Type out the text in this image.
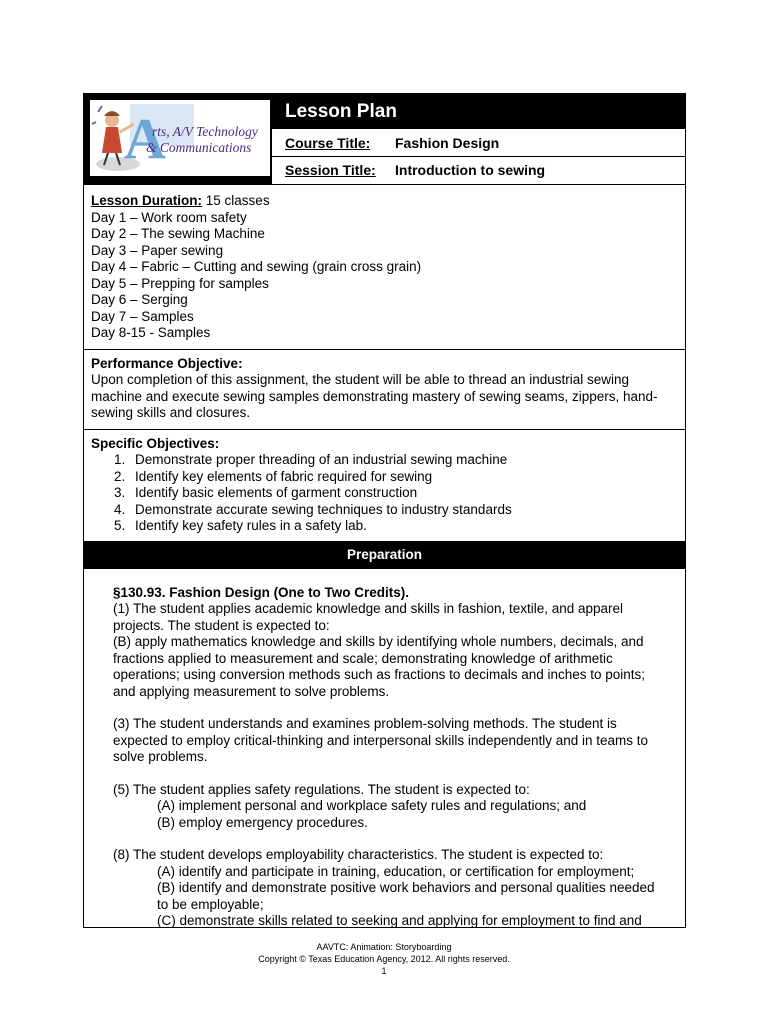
A
rts, A/V Technology
& Communications
Lesson Plan
Course Title:	Fashion Design
Session Title:	Introduction to sewing
Lesson Duration: 15 classes
Day 1 – Work room safety
Day 2 – The sewing Machine
Day 3 – Paper sewing
Day 4 – Fabric – Cutting and sewing (grain cross grain)
Day 5 – Prepping for samples
Day 6 – Serging
Day 7 – Samples
Day 8-15 - Samples
Performance Objective:
Upon completion of this assignment, the student will be able to thread an industrial sewing
machine and execute sewing samples demonstrating mastery of sewing seams, zippers, hand-
sewing skills and closures.
Specific Objectives:
1. Demonstrate proper threading of an industrial sewing machine
2. Identify key elements of fabric required for sewing
3. Identify basic elements of garment construction
4. Demonstrate accurate sewing techniques to industry standards
5. Identify key safety rules in a safety lab.
Preparation

§130.93. Fashion Design (One to Two Credits).

(1) The student applies academic knowledge and skills in fashion, textile, and apparel

projects. The student is expected to:

(B) apply mathematics knowledge and skills by identifying whole numbers, decimals, and

fractions applied to measurement and scale; demonstrating knowledge of arithmetic

operations; using conversion methods such as fractions to decimals and inches to points;

and applying measurement to solve problems.

(3) The student understands and examines problem-solving methods. The student is

expected to employ critical-thinking and interpersonal skills independently and in teams to

solve problems.

(5) The student applies safety regulations. The student is expected to:

(A) implement personal and workplace safety rules and regulations; and

(B) employ emergency procedures.

(8) The student develops employability characteristics. The student is expected to:

(A) identify and participate in training, education, or certification for employment;

(B) identify and demonstrate positive work behaviors and personal qualities needed

to be employable;

(C) demonstrate skills related to seeking and applying for employment to find and

AAVTC: Animation: Storyboarding
Copyright © Texas Education Agency, 2012. All rights reserved.
1
